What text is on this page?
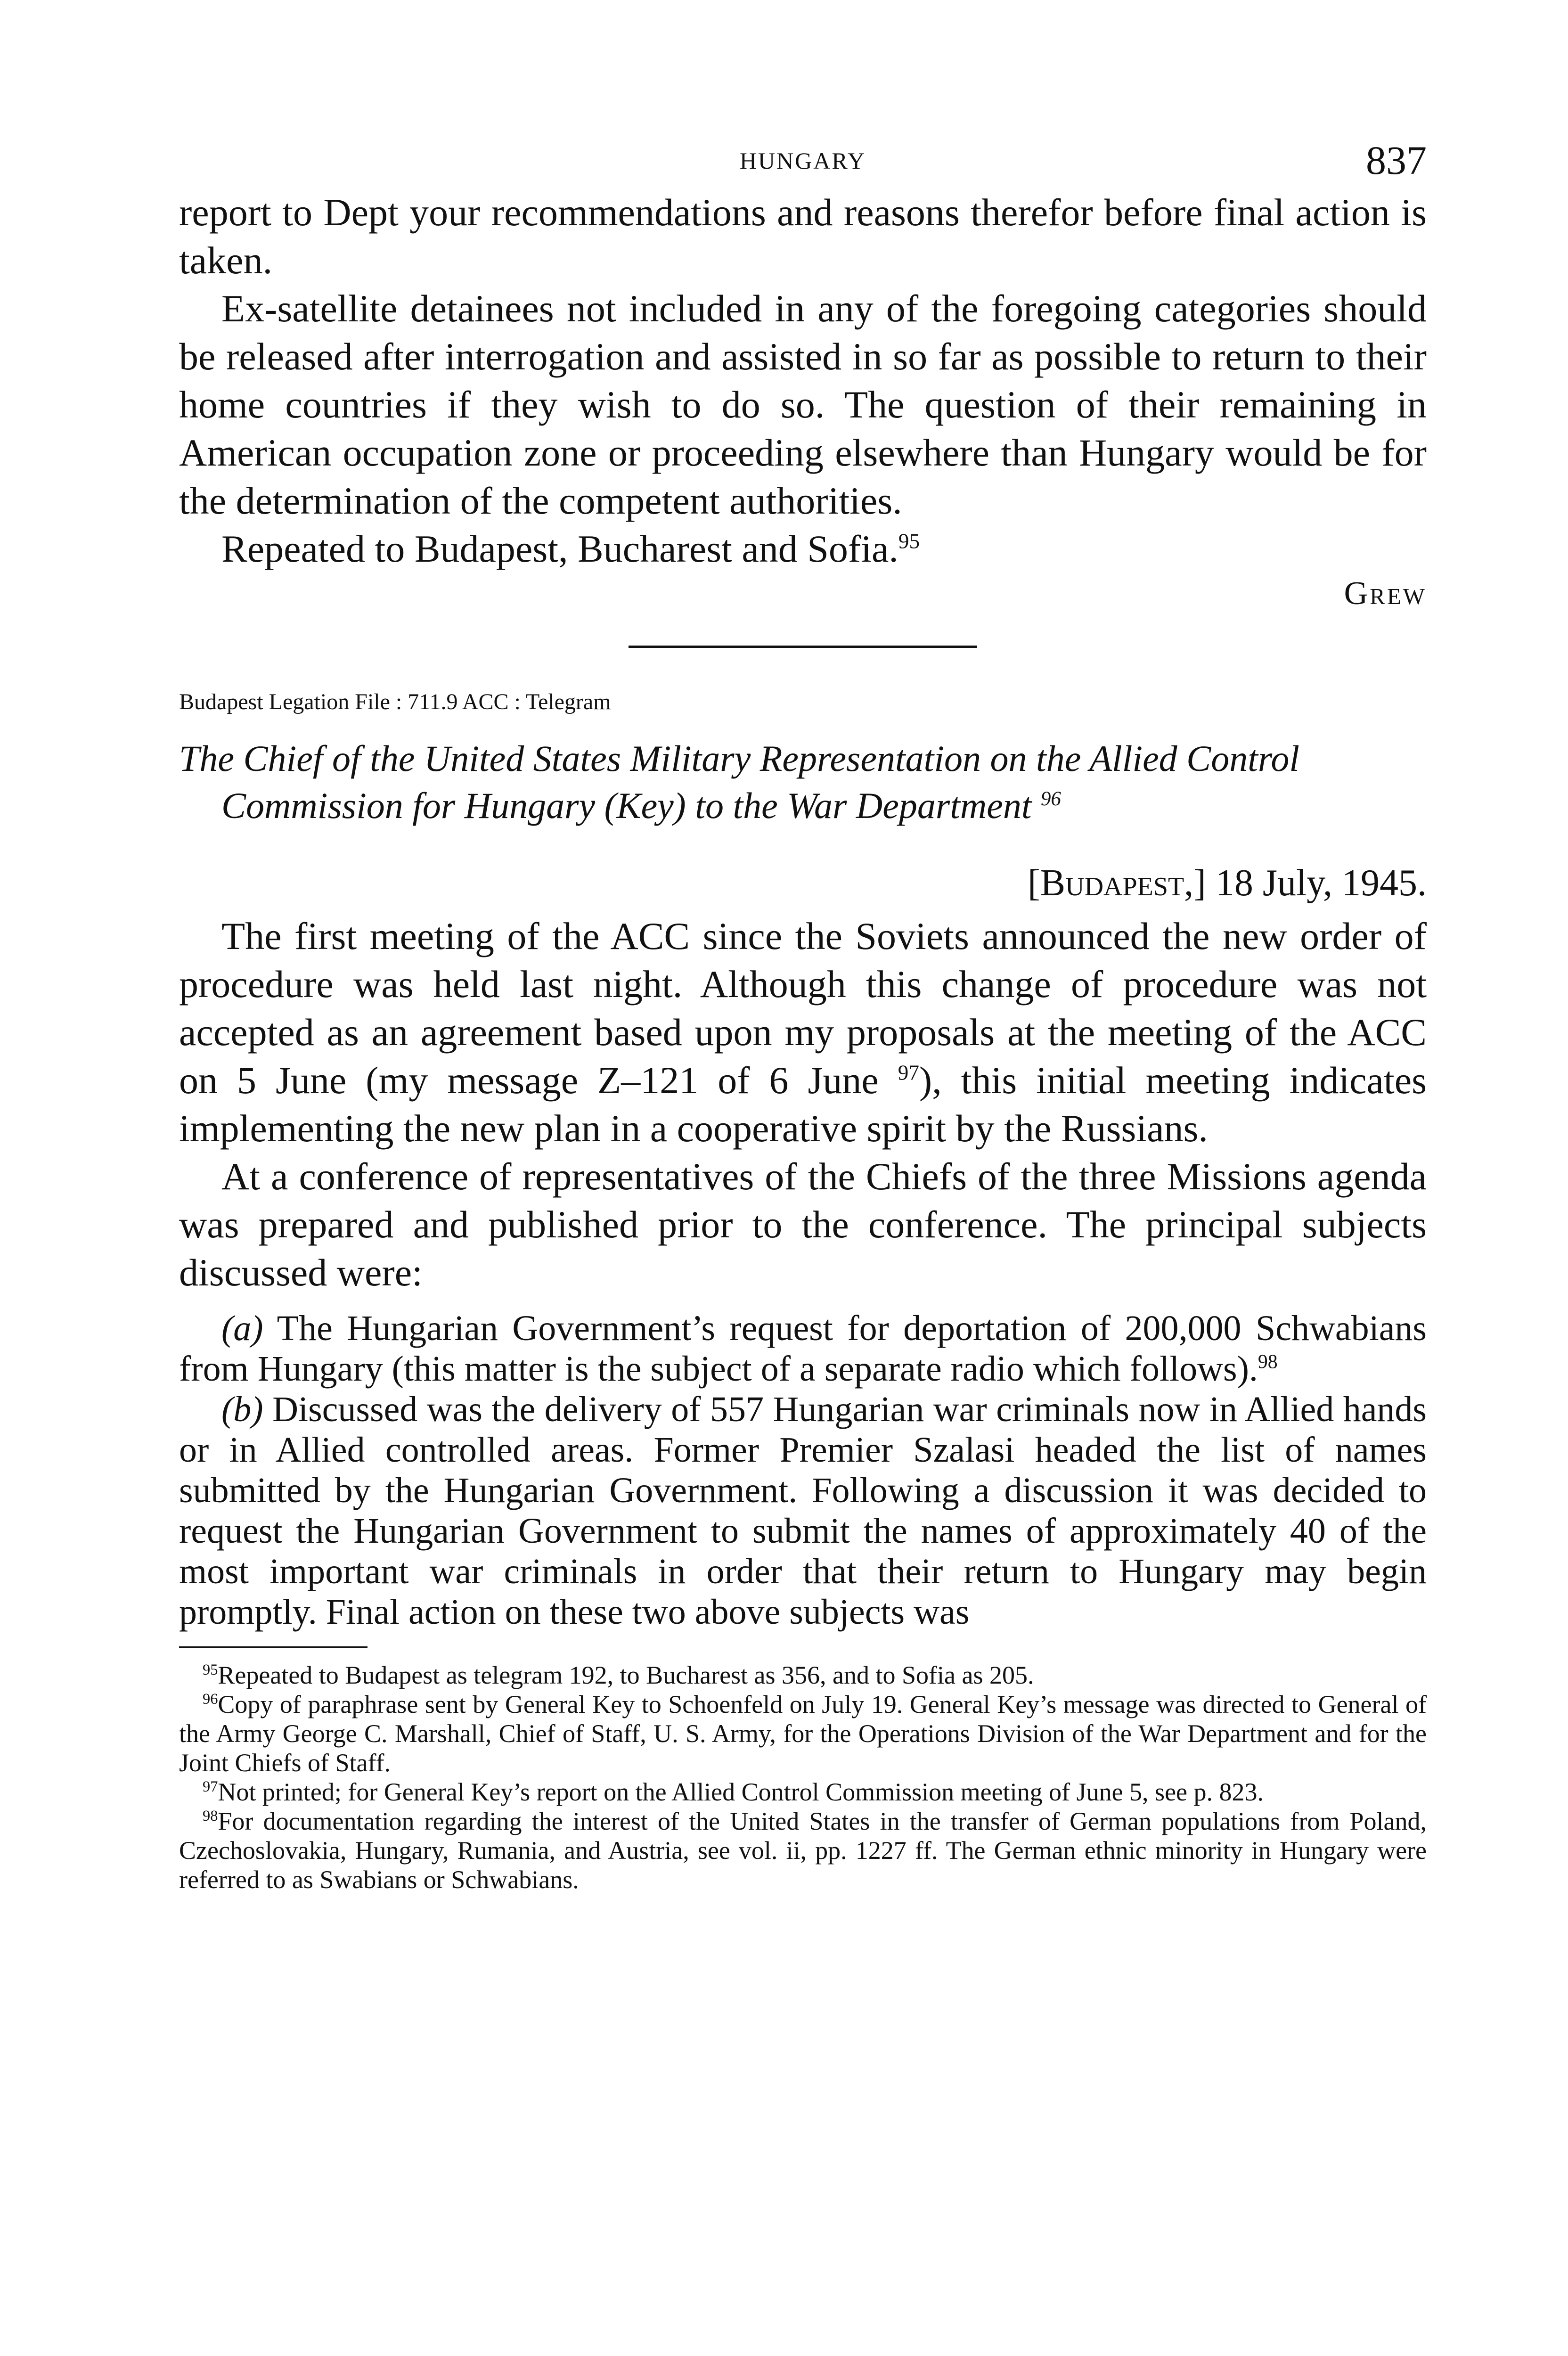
HUNGARY	837

report to Dept your recommendations and reasons therefor before final action is taken.

Ex-satellite detainees not included in any of the foregoing categories should be released after interrogation and assisted in so far as possible to return to their home countries if they wish to do so. The question of their remaining in American occupation zone or proceeding elsewhere than Hungary would be for the determination of the competent authorities.

Repeated to Budapest, Bucharest and Sofia.$^{95}$

Grew
Budapest Legation File : 711.9 ACC : Telegram
The Chief of the United States Military Representation on the Allied Control Commission for Hungary (Key) to the War Department $^{96}$
[Budapest,] 18 July, 1945.

The first meeting of the ACC since the Soviets announced the new order of procedure was held last night. Although this change of procedure was not accepted as an agreement based upon my proposals at the meeting of the ACC on 5 June (my message Z–121 of 6 June $^{97}$), this initial meeting indicates implementing the new plan in a cooperative spirit by the Russians.

At a conference of representatives of the Chiefs of the three Missions agenda was prepared and published prior to the conference. The principal subjects discussed were:

(a) The Hungarian Government’s request for deportation of 200,000 Schwabians from Hungary (this matter is the subject of a separate radio which follows).$^{98}$

(b) Discussed was the delivery of 557 Hungarian war criminals now in Allied hands or in Allied controlled areas. Former Premier Szalasi headed the list of names submitted by the Hungarian Government. Following a discussion it was decided to request the Hungarian Government to submit the names of approximately 40 of the most important war criminals in order that their return to Hungary may begin promptly. Final action on these two above subjects was

$^{95}$Repeated to Budapest as telegram 192, to Bucharest as 356, and to Sofia as 205.

$^{96}$Copy of paraphrase sent by General Key to Schoenfeld on July 19. General Key’s message was directed to General of the Army George C. Marshall, Chief of Staff, U. S. Army, for the Operations Division of the War Department and for the Joint Chiefs of Staff.

$^{97}$Not printed; for General Key’s report on the Allied Control Commission meeting of June 5, see p. 823.

$^{98}$For documentation regarding the interest of the United States in the transfer of German populations from Poland, Czechoslovakia, Hungary, Rumania, and Austria, see vol. ii, pp. 1227 ff. The German ethnic minority in Hungary were referred to as Swabians or Schwabians.
